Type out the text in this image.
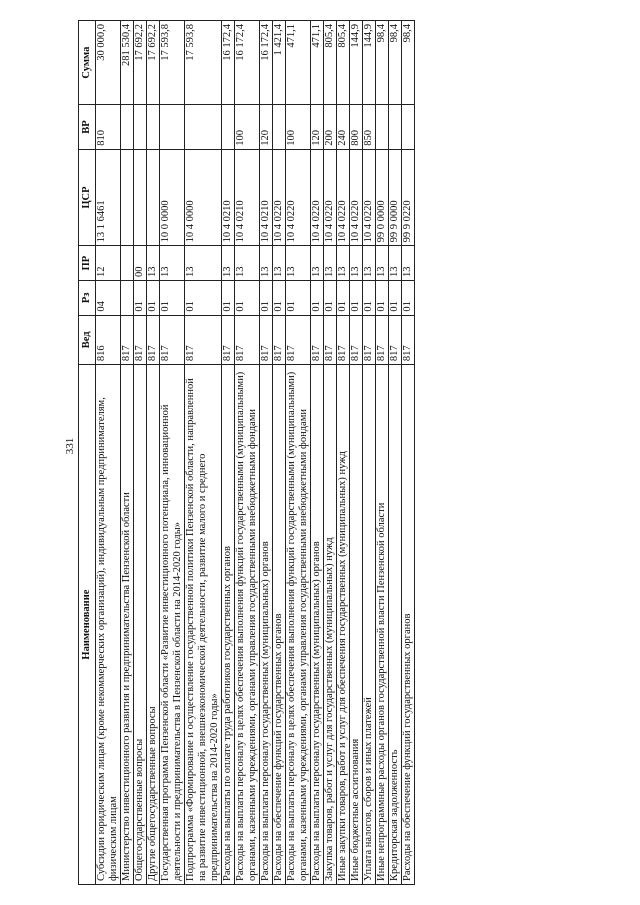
331
Наименование	Вед	Рз	ПР	ЦСР	ВР	Сумма
Субсидии юридическим лицам (кроме некоммерческих организаций), индивидуальным предпринимателям, физическим лицам	816	04	12	13 1 6461	810	30 000,0
Министерство инвестиционного развития и предпринимательства Пензенской области	817					281 530,4
Общегосударственные вопросы	817	01	00			17 692,2
Другие общегосударственные вопросы	817	01	13			17 692,2
Государственная программа Пензенской области «Развитие инвестиционного потенциала, инновационной деятельности и предпринимательства в Пензенской области на 2014-2020 годы»	817	01	13	10 0 0000		17 593,8
Подпрограмма «Формирование и осуществление государственной политики Пензенской области, направленной на развитие инвестиционной, внешнеэкономической деятельности, развитие малого и среднего предпринимательства на 2014-2020 годы»	817	01	13	10 4 0000		17 593,8
Расходы на выплаты по оплате труда работников государственных органов	817	01	13	10 4 0210		16 172,4
Расходы на выплаты персоналу в целях обеспечения выполнения функций государственными (муниципальными) органами, казенными учреждениями, органами управления государственными внебюджетными фондами	817	01	13	10 4 0210	100	16 172,4
Расходы на выплаты персоналу государственных (муниципальных) органов	817	01	13	10 4 0210	120	16 172,4
Расходы на обеспечение функций государственных органов	817	01	13	10 4 0220		1 421,4
Расходы на выплаты персоналу в целях обеспечения выполнения функций государственными (муниципальными) органами, казенными учреждениями, органами управления государственными внебюджетными фондами	817	01	13	10 4 0220	100	471,1
Расходы на выплаты персоналу государственных (муниципальных) органов	817	01	13	10 4 0220	120	471,1
Закупка товаров, работ и услуг для государственных (муниципальных) нужд	817	01	13	10 4 0220	200	805,4
Иные закупки товаров, работ и услуг для обеспечения государственных (муниципальных) нужд	817	01	13	10 4 0220	240	805,4
Иные бюджетные ассигнования	817	01	13	10 4 0220	800	144,9
Уплата налогов, сборов и иных платежей	817	01	13	10 4 0220	850	144,9
Иные непрограммные расходы органов государственной власти Пензенской области	817	01	13	99 0 0000		98,4
Кредиторская задолженность	817	01	13	99 9 0000		98,4
Расходы на обеспечение функций государственных органов	817	01	13	99 9 0220		98,4
